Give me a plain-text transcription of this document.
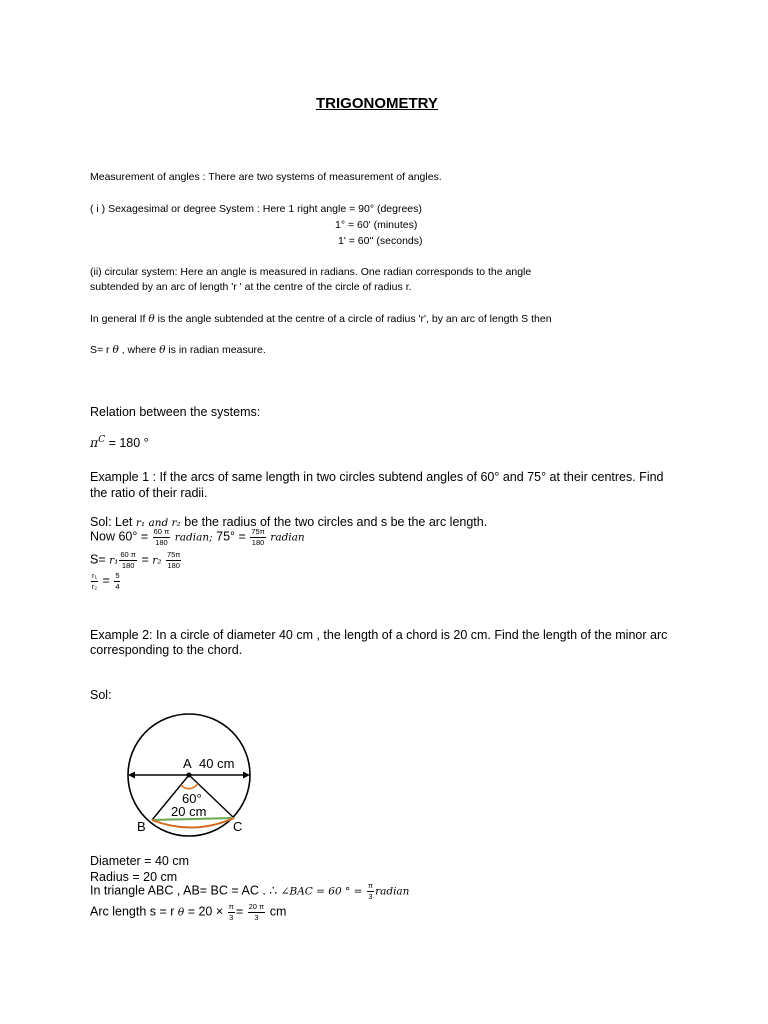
TRIGONOMETRY
Measurement of angles : There are two systems of measurement of angles.
( i ) Sexagesimal or degree System : Here 1 right angle = 90° (degrees)
1° = 60' (minutes)
1' = 60'' (seconds)
(ii) circular system: Here an angle is measured in radians. One radian corresponds to the angle
subtended by an arc of length 'r ' at the centre of the circle of radius r.
In general If θ is the angle subtended at the centre of a circle of radius 'r', by an arc of length S then
S= r θ , where θ is in radian measure.
Relation between the systems:
$\pi^C = 180$ °
Example 1 : If the arcs of same length in two circles subtend angles of 60° and 75° at their centres. Find
the ratio of their radii.
Sol: Let r₁ and r₂ be the radius of the two circles and s be the arc length.
Now $60^\circ = \frac{60 \pi}{180}$ radian; $75^\circ = \frac{75\pi}{180}$ radian
$S= r_1 \frac{60 \pi}{180} = r_2 \frac{75\pi}{180}$
$\frac{\text{r₁}}{\text{r₂}} = \frac{5}{4}$
Example 2: In a circle of diameter 40 cm , the length of a chord is 20 cm. Find the length of the minor arc
corresponding to the chord.
Sol:
A 40 cm
60°
20 cm
B	C
Diameter = 40 cm
Radius = 20 cm
In triangle ABC , AB= BC = AC . ∴ ∠BAC = 60 ° = $\frac{\pi}{3}$ radian
Arc length s = r $\theta = 20 \times \frac{\pi}{3} = \frac{20 \pi}{3}$ cm
